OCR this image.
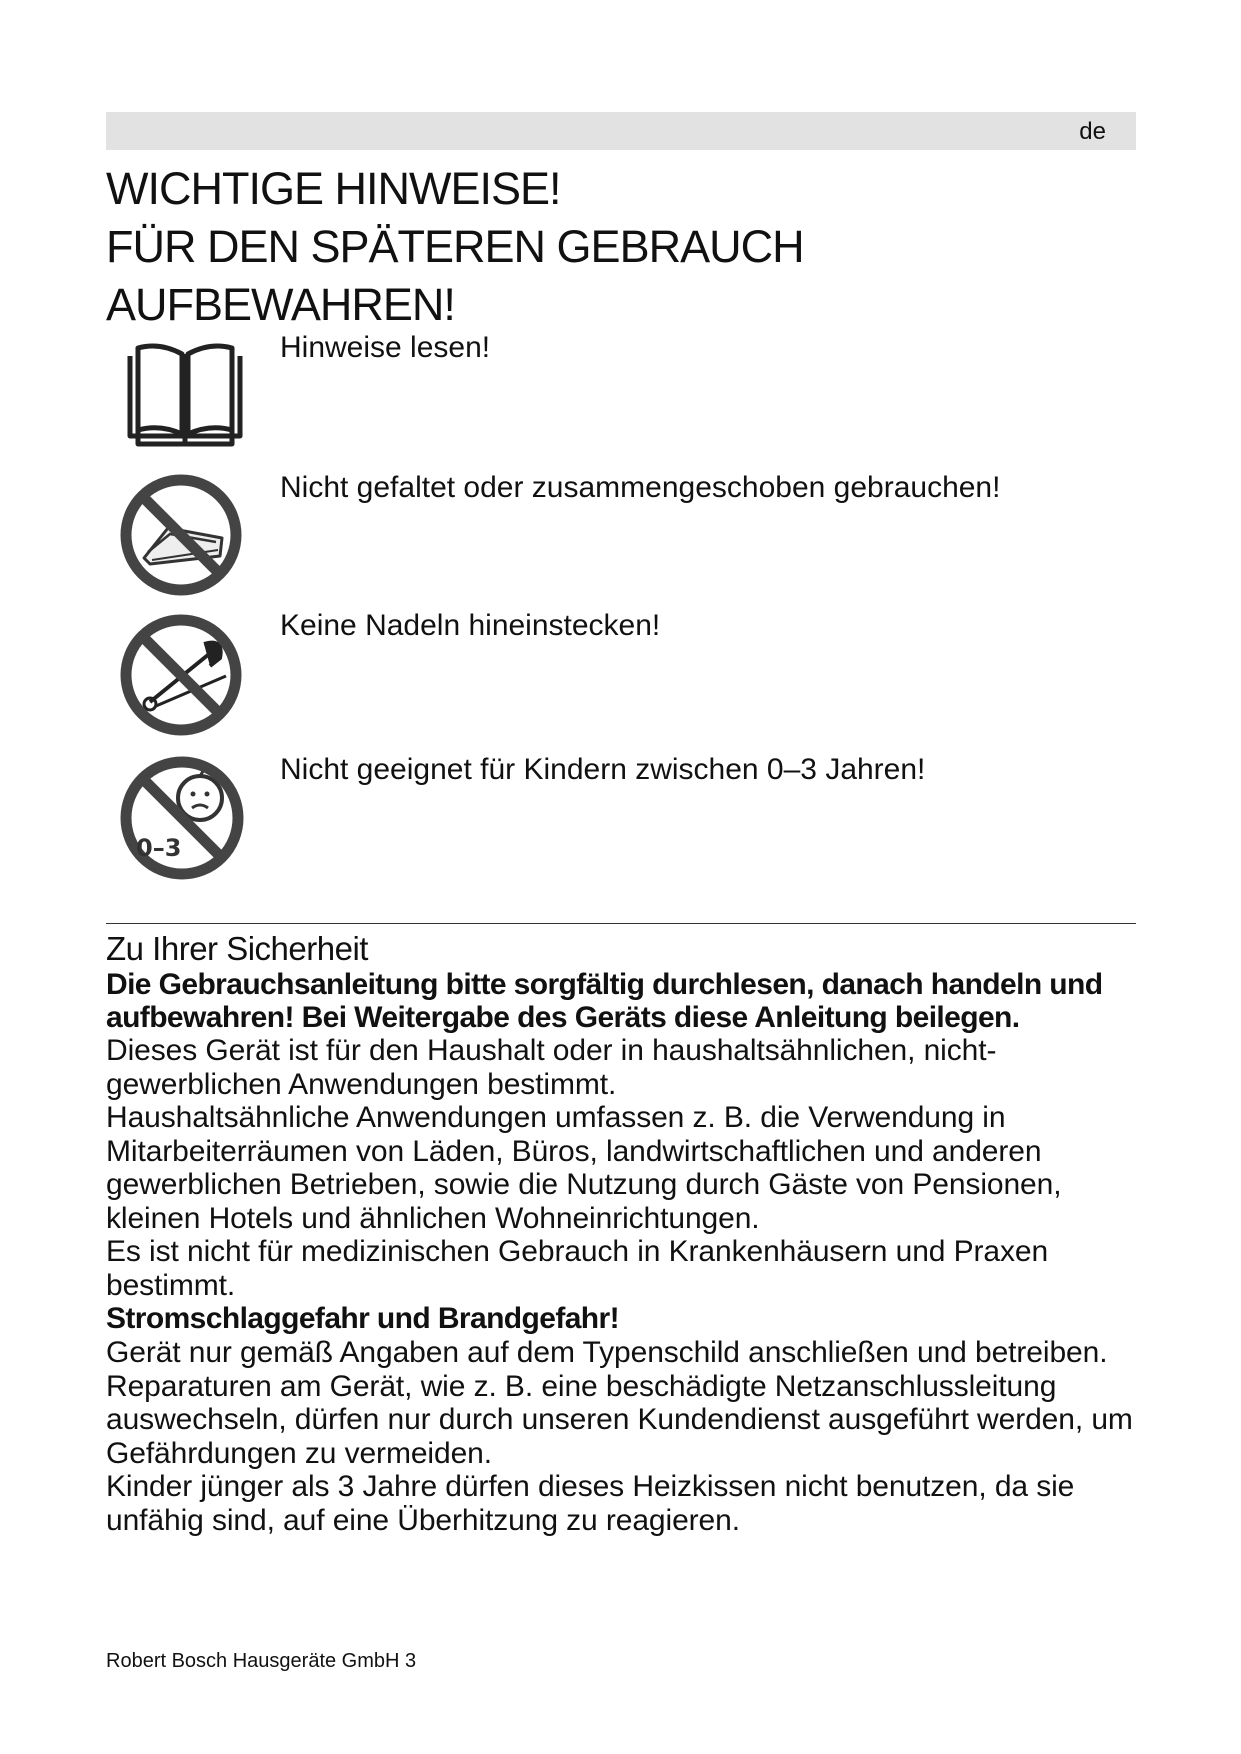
de
WICHTIGE HINWEISE!
FÜR DEN SPÄTEREN GEBRAUCH
AUFBEWAHREN!
Hinweise lesen!
Nicht gefaltet oder zusammengeschoben gebrauchen!
Keine Nadeln hineinstecken!
0–3
Nicht geeignet für Kindern zwischen 0–3 Jahren!
Zu Ihrer Sicherheit

Die Gebrauchsanleitung bitte sorgfältig durchlesen, danach handeln und aufbewahren! Bei Weitergabe des Geräts diese Anleitung beilegen.

Dieses Gerät ist für den Haushalt oder in haushaltsähnlichen, nicht-gewerblichen Anwendungen bestimmt.

Haushaltsähnliche Anwendungen umfassen z. B. die Verwendung in Mitarbeiterräumen von Läden, Büros, landwirtschaftlichen und anderen gewerblichen Betrieben, sowie die Nutzung durch Gäste von Pensionen, kleinen Hotels und ähnlichen Wohneinrichtungen.

Es ist nicht für medizinischen Gebrauch in Krankenhäusern und Praxen bestimmt.

Stromschlaggefahr und Brandgefahr!

Gerät nur gemäß Angaben auf dem Typenschild anschließen und betreiben.

Reparaturen am Gerät, wie z. B. eine beschädigte Netzanschlussleitung auswechseln, dürfen nur durch unseren Kundendienst ausgeführt werden, um Gefährdungen zu vermeiden.

Kinder jünger als 3 Jahre dürfen dieses Heizkissen nicht benutzen, da sie unfähig sind, auf eine Überhitzung zu reagieren.

Robert Bosch Hausgeräte GmbH 3
